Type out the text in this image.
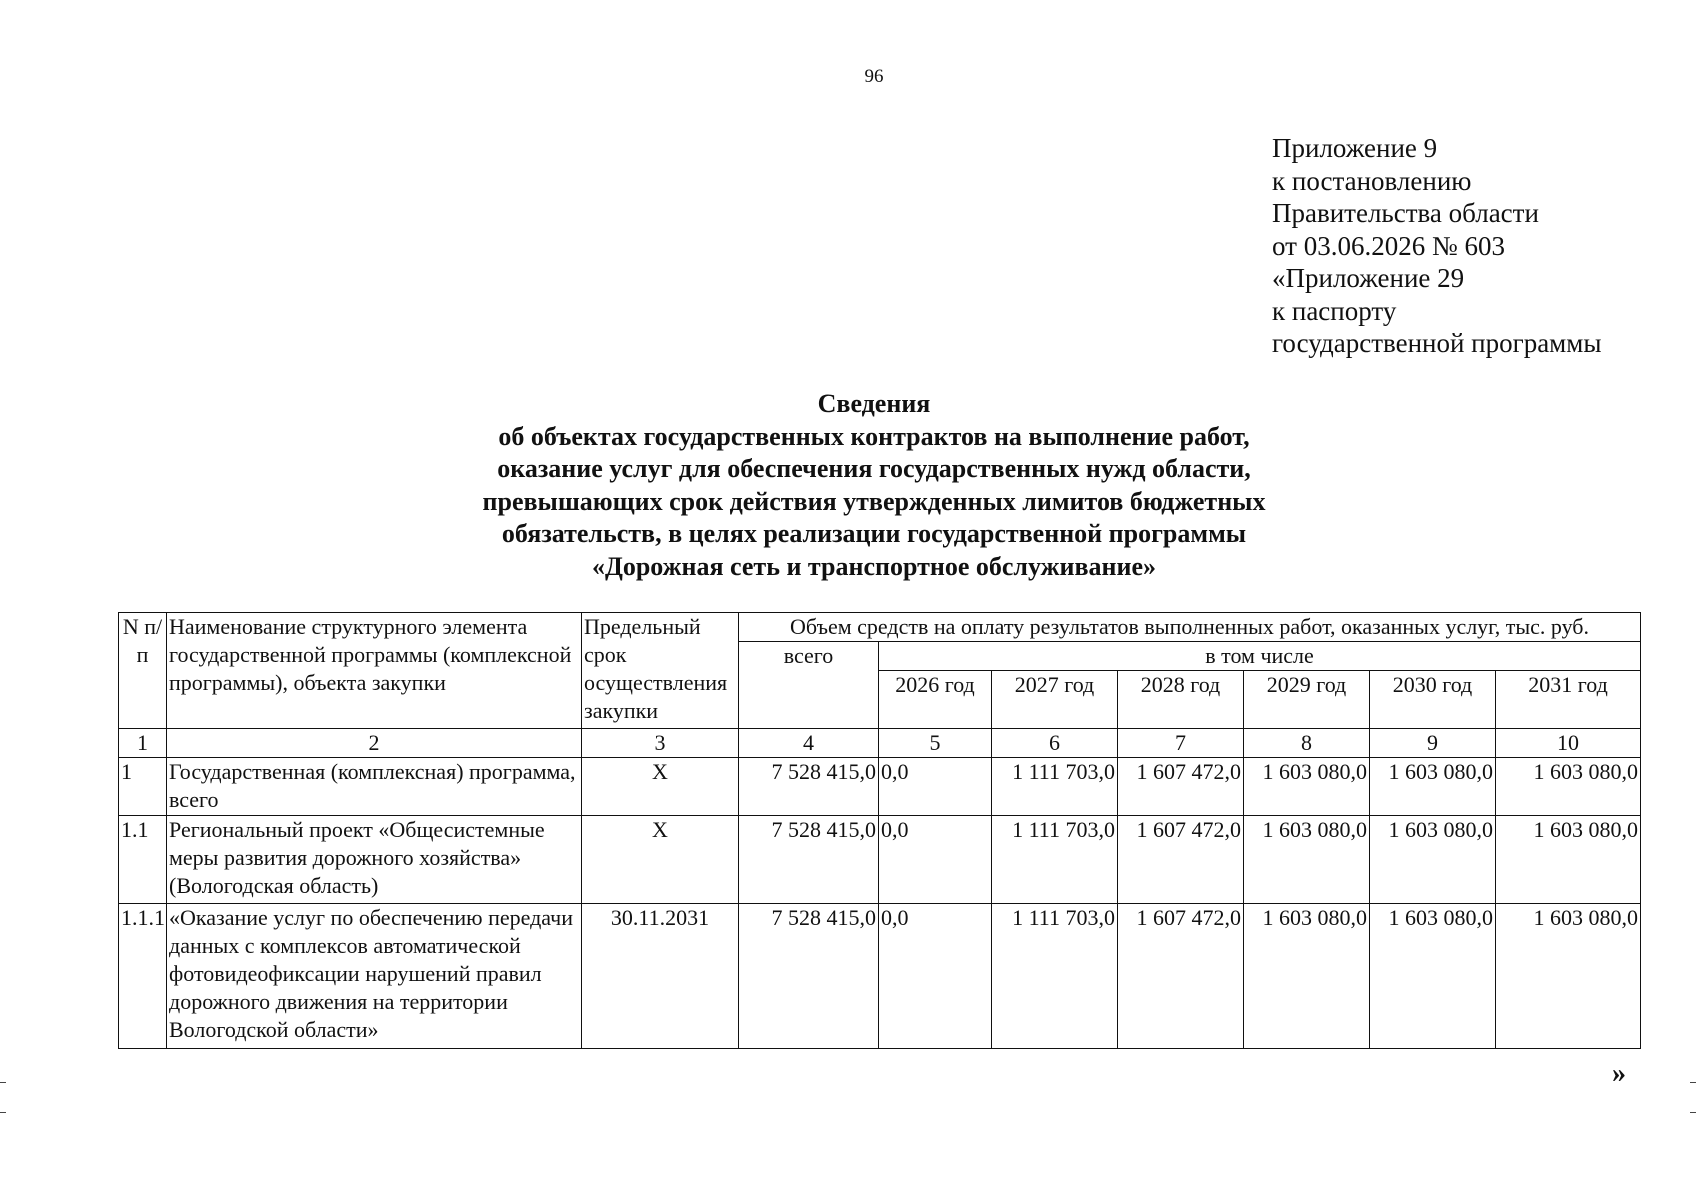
96
Приложение 9
к постановлению
Правительства области
от 03.06.2026 № 603
«Приложение 29
к паспорту
государственной программы
Сведения
об объектах государственных контрактов на выполнение работ,
оказание услуг для обеспечения государственных нужд области,
превышающих срок действия утвержденных лимитов бюджетных
обязательств, в целях реализации государственной программы
«Дорожная сеть и транспортное обслуживание»
N п/п	Наименование структурного элемента государственной программы (комплексной программы), объекта закупки	Предельный срок осуществления закупки	Объем средств на оплату результатов выполненных работ, оказанных услуг, тыс. руб.						
			всего	в том числе					
				2026 год	2027 год	2028 год	2029 год	2030 год	2031 год
1	2	3	4	5	6	7	8	9	10
1	Государственная (комплексная) программа, всего	Х	7 528 415,0	0,0	1 111 703,0	1 607 472,0	1 603 080,0	1 603 080,0	1 603 080,0
1.1	Региональный проект «Общесистемные меры развития дорожного хозяйства» (Вологодская область)	Х	7 528 415,0	0,0	1 111 703,0	1 607 472,0	1 603 080,0	1 603 080,0	1 603 080,0
1.1.1	«Оказание услуг по обеспечению передачи данных с комплексов автоматической фотовидеофиксации нарушений правил дорожного движения на территории Вологодской области»	30.11.2031	7 528 415,0	0,0	1 111 703,0	1 607 472,0	1 603 080,0	1 603 080,0	1 603 080,0
»
